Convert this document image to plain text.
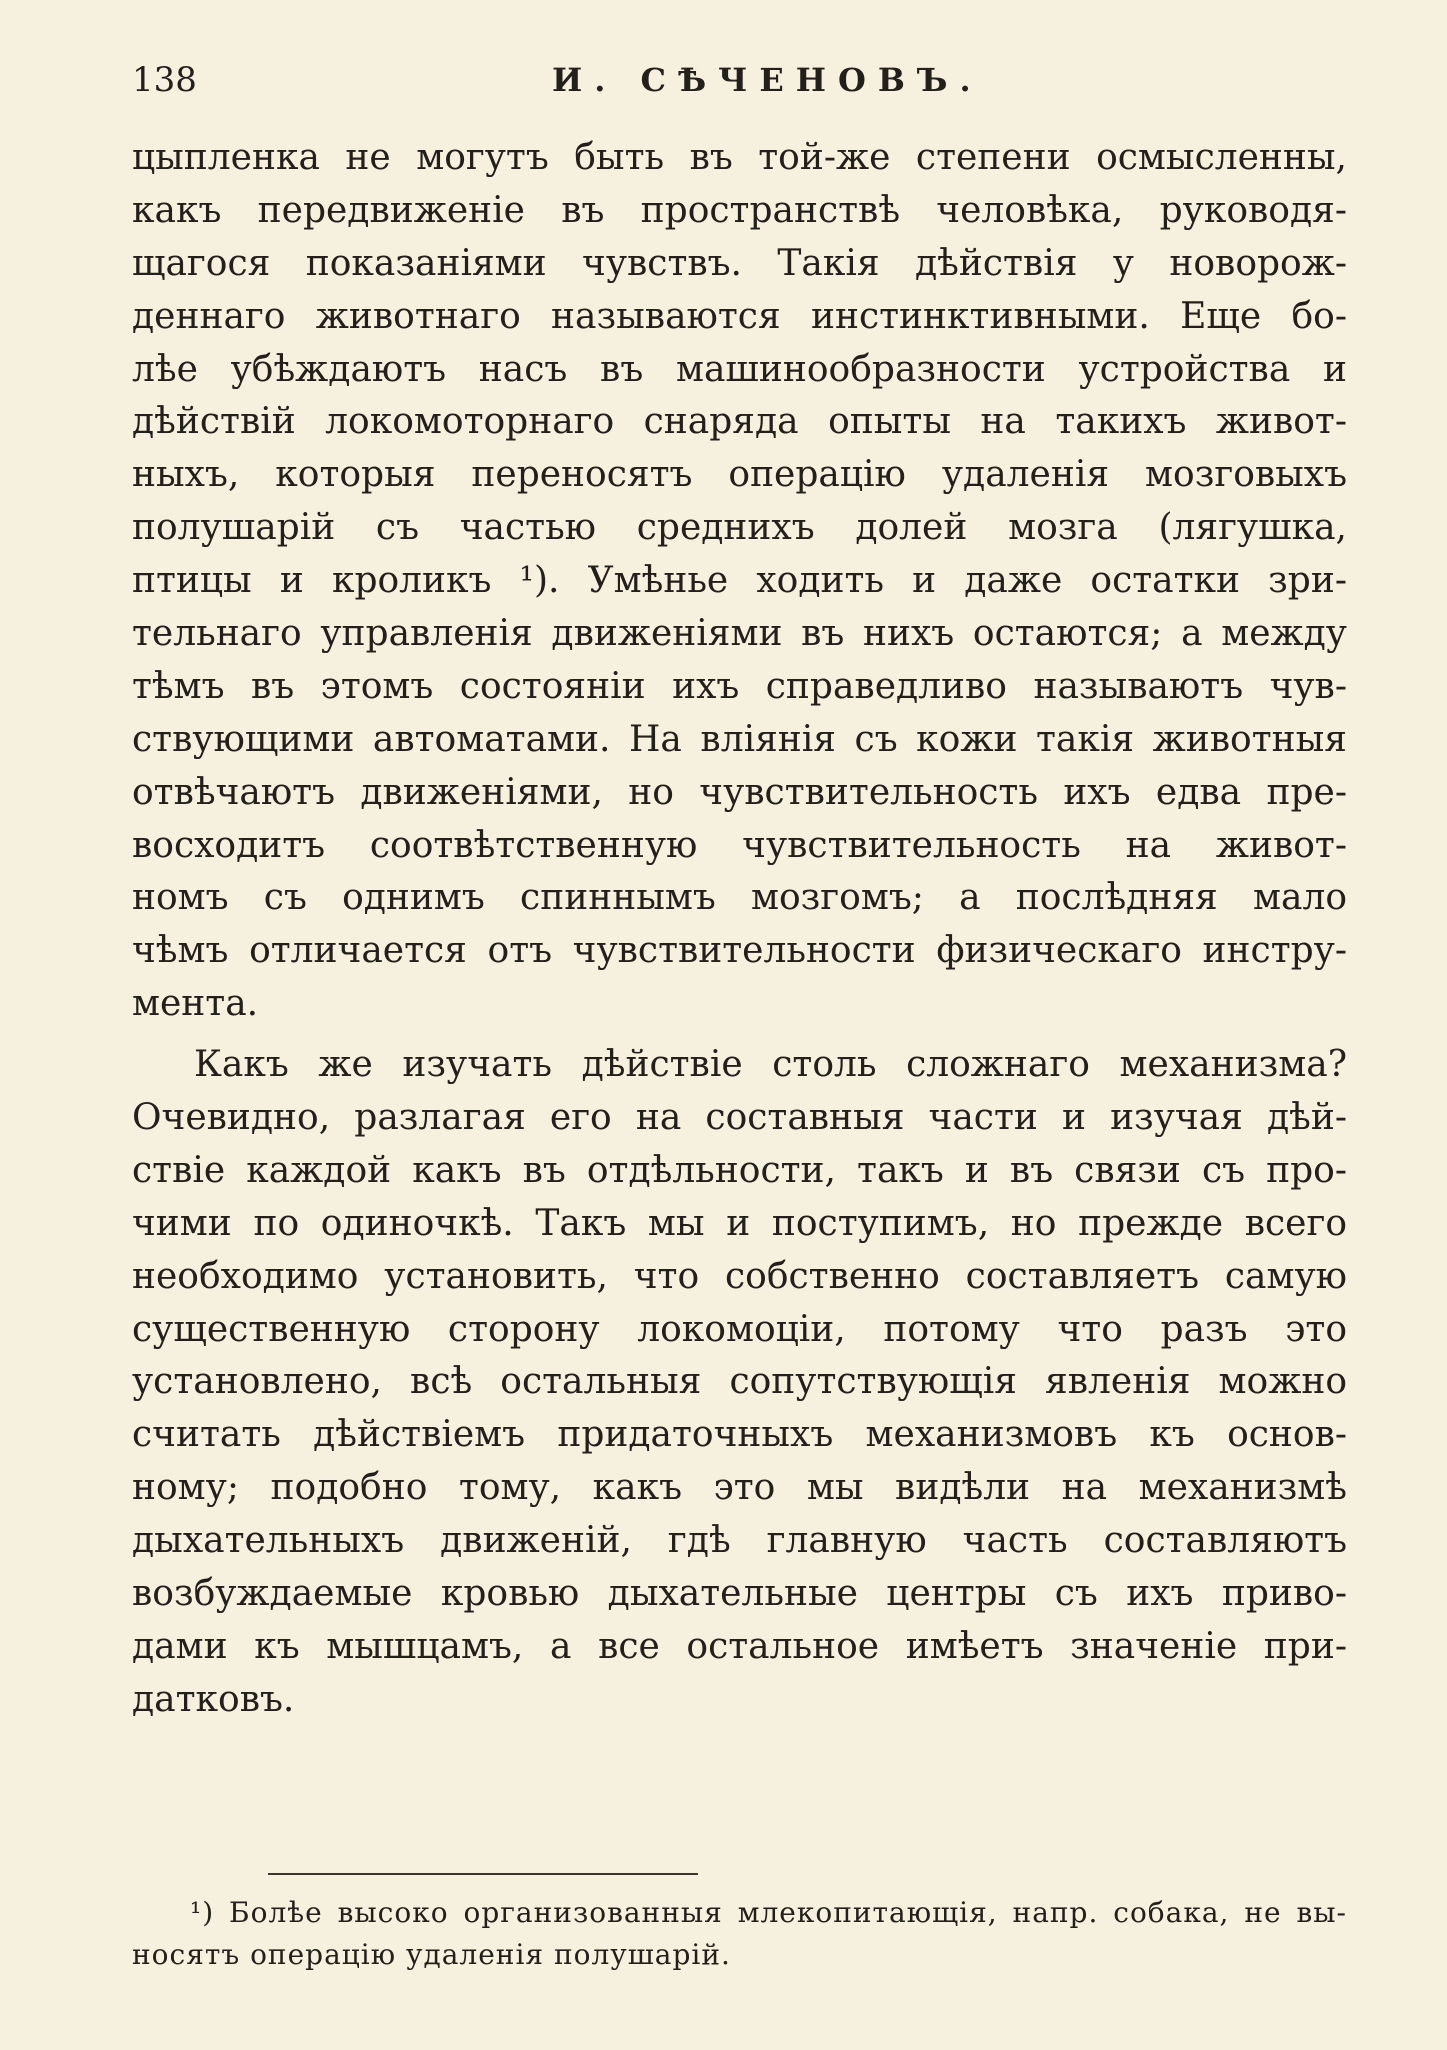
138	И. СѢЧЕНОВЪ.
цыпленка не могутъ быть въ той-же степени осмысленны,
какъ передвиженіе въ пространствѣ человѣка, руководя-
щагося показаніями чувствъ. Такія дѣйствія у новорож-
деннаго животнаго называются инстинктивными. Еще бо-
лѣе убѣждаютъ насъ въ машинообразности устройства и
дѣйствій локомоторнаго снаряда опыты на такихъ живот-
ныхъ, которыя переносятъ операцію удаленія мозговыхъ
полушарій съ частью среднихъ долей мозга (лягушка,
птицы и кроликъ ¹). Умѣнье ходить и даже остатки зри-
тельнаго управленія движеніями въ нихъ остаются; а между
тѣмъ въ этомъ состояніи ихъ справедливо называютъ чув-
ствующими автоматами. На вліянія съ кожи такія животныя
отвѣчаютъ движеніями, но чувствительность ихъ едва пре-
восходитъ соотвѣтственную чувствительность на живот-
номъ съ однимъ спиннымъ мозгомъ; а послѣдняя мало
чѣмъ отличается отъ чувствительности физическаго инстру-
мента.
Какъ же изучать дѣйствіе столь сложнаго механизма?
Очевидно, разлагая его на составныя части и изучая дѣй-
ствіе каждой какъ въ отдѣльности, такъ и въ связи съ про-
чими по одиночкѣ. Такъ мы и поступимъ, но прежде всего
необходимо установить, что собственно составляетъ самую
существенную сторону локомоціи, потому что разъ это
установлено, всѣ остальныя сопутствующія явленія можно
считать дѣйствіемъ придаточныхъ механизмовъ къ основ-
ному; подобно тому, какъ это мы видѣли на механизмѣ
дыхательныхъ движеній, гдѣ главную часть составляютъ
возбуждаемые кровью дыхательные центры съ ихъ приво-
дами къ мышцамъ, а все остальное имѣетъ значеніе при-
датковъ.
¹) Болѣе высоко организованныя млекопитающія, напр. собака, не вы-
носятъ операцію удаленія полушарій.
